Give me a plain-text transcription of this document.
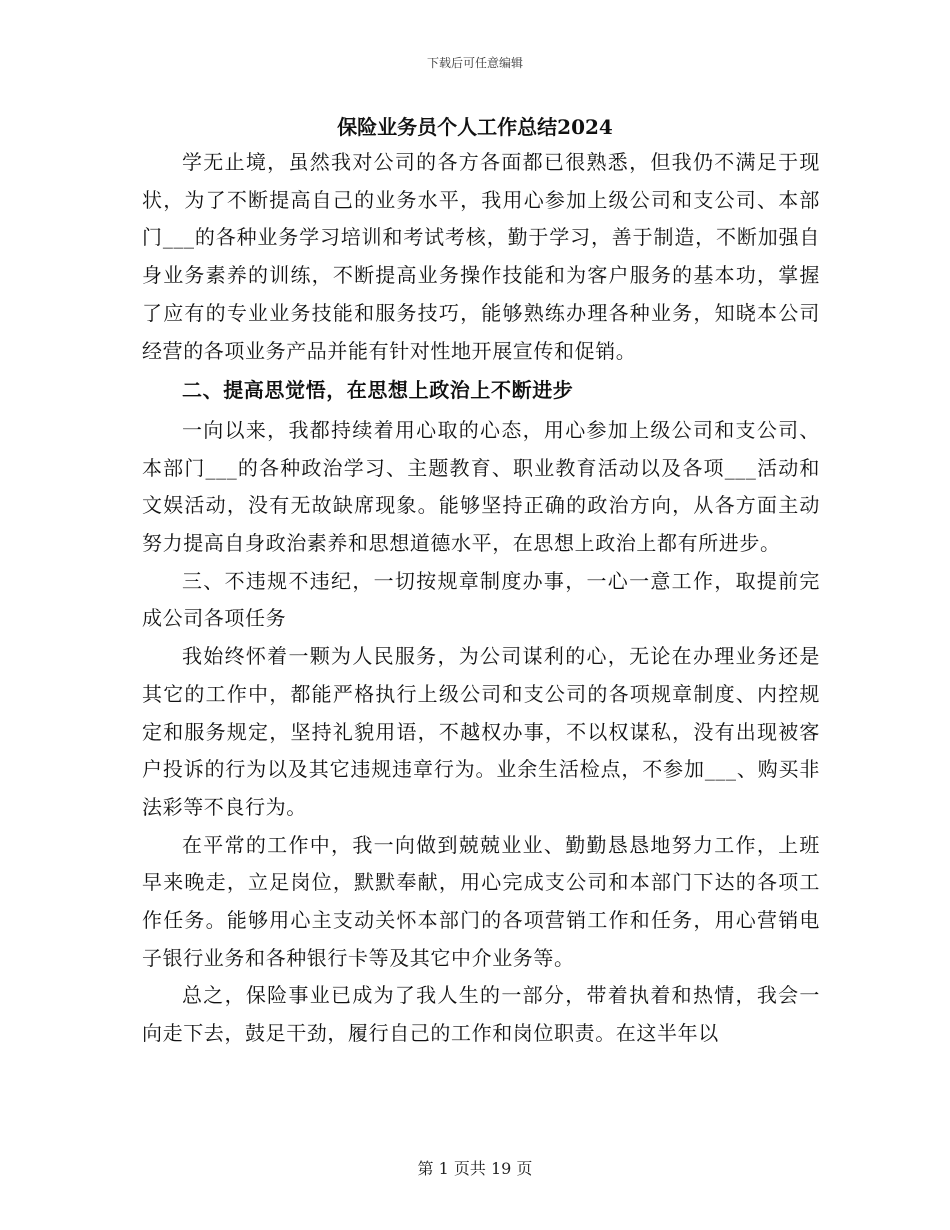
下载后可任意编辑
保险业务员个人工作总结2024

学无止境，虽然我对公司的各方各面都已很熟悉，但我仍不满足于现状，为了不断提高自己的业务水平，我用心参加上级公司和支公司、本部门___的各种业务学习培训和考试考核，勤于学习，善于制造，不断加强自身业务素养的训练，不断提高业务操作技能和为客户服务的基本功，掌握了应有的专业业务技能和服务技巧，能够熟练办理各种业务，知晓本公司经营的各项业务产品并能有针对性地开展宣传和促销。

二、提高思觉悟，在思想上政治上不断进步

一向以来，我都持续着用心取的心态，用心参加上级公司和支公司、本部门___的各种政治学习、主题教育、职业教育活动以及各项___活动和文娱活动，没有无故缺席现象。能够坚持正确的政治方向，从各方面主动努力提高自身政治素养和思想道德水平，在思想上政治上都有所进步。

三、不违规不违纪，一切按规章制度办事，一心一意工作，取提前完成公司各项任务

我始终怀着一颗为人民服务，为公司谋利的心，无论在办理业务还是其它的工作中，都能严格执行上级公司和支公司的各项规章制度、内控规定和服务规定，坚持礼貌用语，不越权办事，不以权谋私，没有出现被客户投诉的行为以及其它违规违章行为。业余生活检点，不参加___、购买非法彩等不良行为。

在平常的工作中，我一向做到兢兢业业、勤勤恳恳地努力工作，上班早来晚走，立足岗位，默默奉献，用心完成支公司和本部门下达的各项工作任务。能够用心主支动关怀本部门的各项营销工作和任务，用心营销电子银行业务和各种银行卡等及其它中介业务等。

总之，保险事业已成为了我人生的一部分，带着执着和热情，我会一向走下去，鼓足干劲，履行自己的工作和岗位职责。在这半年以

第 1 页共 19 页
